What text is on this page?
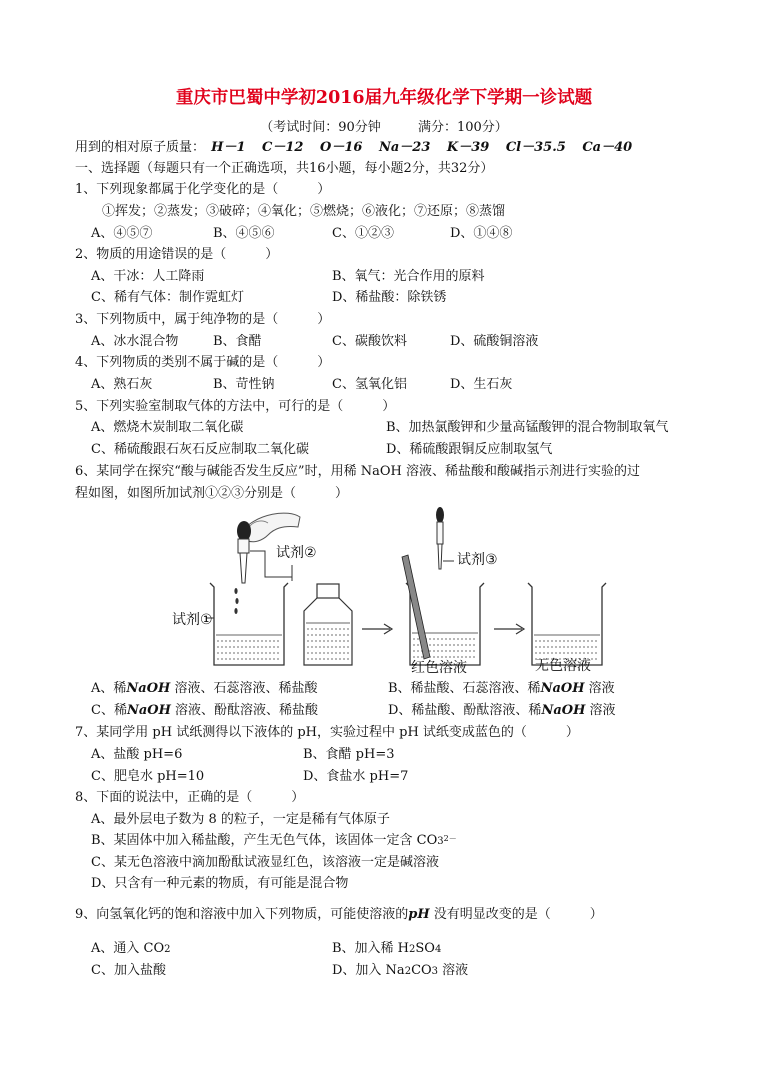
重庆市巴蜀中学初2016届九年级化学下学期一诊试题
（考试时间：90分钟	满分：100分）
用到的相对原子质量： H－1 C－12 O－16 Na－23 K－39 Cl－35.5 Ca－40
一、选择题（每题只有一个正确选项，共16小题，每小题2分，共32分）
1、下列现象都属于化学变化的是（　　　）
①挥发；②蒸发；③破碎；④氧化；⑤燃烧；⑥液化；⑦还原；⑧蒸馏
A、④⑤⑦	B、④⑤⑥	C、①②③	D、①④⑧
2、物质的用途错误的是（　　　）
A、干冰：人工降雨	B、氧气：光合作用的原料
C、稀有气体：制作霓虹灯	D、稀盐酸：除铁锈
3、下列物质中，属于纯净物的是（　　　）
A、冰水混合物	B、食醋	C、碳酸饮料	D、硫酸铜溶液
4、下列物质的类别不属于碱的是（　　　）
A、熟石灰	B、苛性钠	C、氢氧化铝	D、生石灰
5、下列实验室制取气体的方法中，可行的是（　　　）
A、燃烧木炭制取二氧化碳	B、加热氯酸钾和少量高锰酸钾的混合物制取氧气
C、稀硫酸跟石灰石反应制取二氧化碳	D、稀硫酸跟铜反应制取氢气
6、某同学在探究“酸与碱能否发生反应”时，用稀 NaOH 溶液、稀盐酸和酸碱指示剂进行实验的过
程如图，如图所加试剂①②③分别是（　　　）
试剂②	试剂③
试剂①
红色溶液	无色溶液
A、稀NaOH 溶液、石蕊溶液、稀盐酸	B、稀盐酸、石蕊溶液、稀NaOH 溶液
C、稀NaOH 溶液、酚酞溶液、稀盐酸	D、稀盐酸、酚酞溶液、稀NaOH 溶液
7、某同学用 pH 试纸测得以下液体的 pH，实验过程中 pH 试纸变成蓝色的（　　　）
A、盐酸 pH=6	B、食醋 pH=3
C、肥皂水 pH=10	D、食盐水 pH=7
8、下面的说法中，正确的是（　　　）
A、最外层电子数为 8 的粒子，一定是稀有气体原子
B、某固体中加入稀盐酸，产生无色气体，该固体一定含 $CO3^{2-}$
C、某无色溶液中滴加酚酞试液显红色，该溶液一定是碱溶液
D、只含有一种元素的物质，有可能是混合物
9、向氢氧化钙的饱和溶液中加入下列物质，可能使溶液的pH 没有明显改变的是（　　　）
A、通入 CO2	B、加入稀 H2SO4
C、加入盐酸	D、加入 Na2CO3 溶液
